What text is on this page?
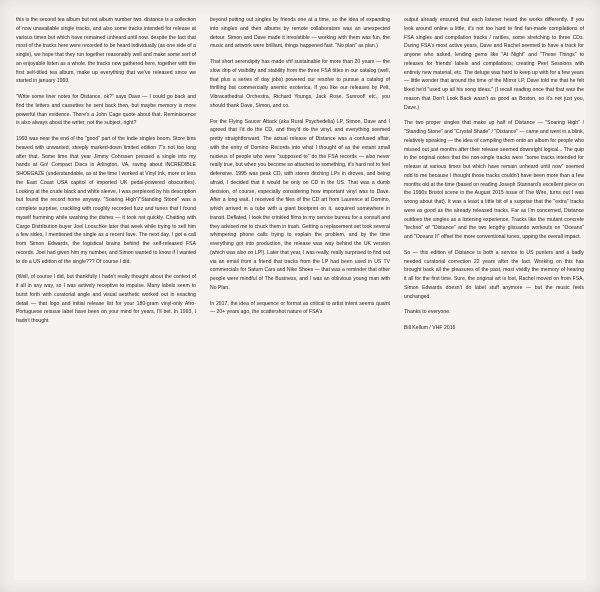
this is the second tea album but not album number two. distance is a collection of now unavailable single tracks, and also some tracks intended for release at various times but which have remained unheard until now. despite the fact that most of the tracks here were recorded to be heard individually (as one side of a single), we hope that they run together reasonably well and make some sort of an enjoyable listen as a whole. the tracks now gathered here, together with the first self-titled tea album, make up everything that we've released since we started in january 1993.

"Write some liner notes for Distance, ok?" says Dave — I could go back and find the letters and cassettes he sent back then, but maybe memory is more powerful than evidence. There's a John Cage quote about that. Reminiscence is also always about the writer, not the subject, right?

1993 was near the end of the "good" part of the Indie singles boom. Store bins heaved with unwanted, steeply marked-down limited edition 7"s not too long after that. Some time that year Jimmy Cohrssen pressed a single into my hands at Go! Compact Discs in Arlington, VA, raving about INCREDIBLE SHOEGAZE (understandable, as at the time I worked at Vinyl Ink, more or less the East Coast USA capitol of imported UK pedal-powered obscurities). Looking at the crude black and white sleeve, I was perplexed by his description but found the record home anyway. "Soaring High"/"Standing Stone" was a complete surprise, crackling with roughly recorded fuzz and tunes that I found myself humming while washing the dishes — it took not quickly. Chatting with Cargo Distribution buyer Joel Looschke later that week while trying to sell him a few sides, I mentioned the single as a recent fave. The next day, I got a call from Simon Edwards, the logistical brains behind the self-released FSA records. Joel had given him my number, and Simon wanted to know if I wanted to do a US edition of the single??? Of course I did.

(Well, of course I did, but thankfully I hadn't really thought about the context of it all in any way, so I was actively receptive to impulse. Many labels seem to burst forth with curatorial angle and visual aesthetic worked out in exacting detail — that logo and initial release list for your 180-gram vinyl-only Afro-Portuguese reissue label have been on your mind for years, I'll bet. In 1993, I hadn't thought

beyond putting out singles by friends one at a time, so the idea of expanding into singles and then albums by remote collaborators was an unexpected detour. Simon and Dave made it irresistible — working with them was fun, the music and artwork were brilliant, things happened fast. "No plan" as plan.)

That short serendipity has made vhf sustainable for more than 20 years — the slow drip of visibility and stability from the three FSA titles in our catalog (well, that plus a series of day jobs) powered our resolve to pursue a catalog of thrilling but commercially anemic esoterica. If you like our releases by Pelt, Vibracathedral Orchestra, Richard Youngs, Jack Rose, Sunroof! etc., you should thank Dave, Simon, and co.

For the Flying Saucer Attack (aka Rural Psychedelia) LP, Simon, Dave and I agreed that I'd do the CD, and they'd do the vinyl, and everything seemed pretty straightforward. The actual release of Distance was a confused affair, with the entry of Domino Records into what I thought of as the extant small nucleus of people who were "supposed to" do the FSA records — also never really true, but when you become so attached to something, it's hard not to feel defensive. 1995 was peak CD, with stores ditching LPs in droves, and being afraid, I decided that it would be only on CD in the US. That was a dumb decision, of course, especially considering how important vinyl was to Dave. After a long wait, I received the files of the CD art from Laurence at Domino, which arrived in a tube with a giant bootprint on it, acquired somewhere in transit. Deflated, I took the crinkled films to my service bureau for a consult and they advised me to chuck them in trash. Getting a replacement set took several whimpering phone calls trying to explain the problem, and by the time everything got into production, the release was way behind the UK version (which was also on LP!). Later that year, I was really, really surprised to find out via an email from a friend that tracks from the LP had been used in US TV commercials for Saturn Cars and Nike Shoes — that was a reminder that other people were mindful of The Business, and I was an oblivious young man with No Plan.

In 2017, the idea of sequence or format as critical to artist intent seems quaint — 20+ years ago, the scattershot nature of FSA's

output already ensured that each listener heard the works differently. If you look around online a little, it's not too hard to find fan-made compilations of FSA singles and compilation tracks / rarities, some stretching to three CDs. During FSA's most active years, Dave and Rachel seemed to have a track for anyone who asked, lending gems like "At Night" and "These Things" to releases for friends' labels and compilations; creating Peel Sessions with entirely new material, etc. The deluge was hard to keep up with for a few years — little wonder that around the time of the Mirror LP, Dave told me that he felt liked he'd "used up all his song ideas." (I recall reading once that that was the reason that Don't Look Back wasn't as good as Boston, so it's not just you, Dave.)

The two proper singles that make up half of Distance — "Soaring High" / "Standing Stone" and "Crystal Shade" / "Distance" — came and went in a blink, relatively speaking — the idea of compiling them onto an album for people who missed out just months after their release seemed downright logical... The quip in the original notes that the non-single tracks were "some tracks intended for release at various times but which have remain unheard until now" seemed odd to me because I thought those tracks couldn't have been more than a few months old at the time (based on reading Joseph Stannard's excellent piece on the 1990s Bristol scene in the August 2015 issue of The Wire, turns out I was wrong about that). It was a least a little bit of a surprise that the "extra" tracks were as good as the already released tracks. Far as I'm concerned, Distance outdoes the singles as a listening experience. Tracks like the mutant concrete "techno" of "Distance" and the two lengthy glissando workouts on "Oceans" and "Oceans II" offset the more conventional tunes, upping the overall impact.

So — this edition of Distance is both a service to US punters and a badly needed curatorial correction 22 years after the fact. Working on this has brought back all the pleasures of the past, most vividly the memory of hearing it all for the first time. Sure, the original art is lost, Rachel moved on from FSA, Simon Edwards doesn't do label stuff anymore — but the music feels unchanged.

Thanks to everyone.

Bill Kellum / VHF 2016
